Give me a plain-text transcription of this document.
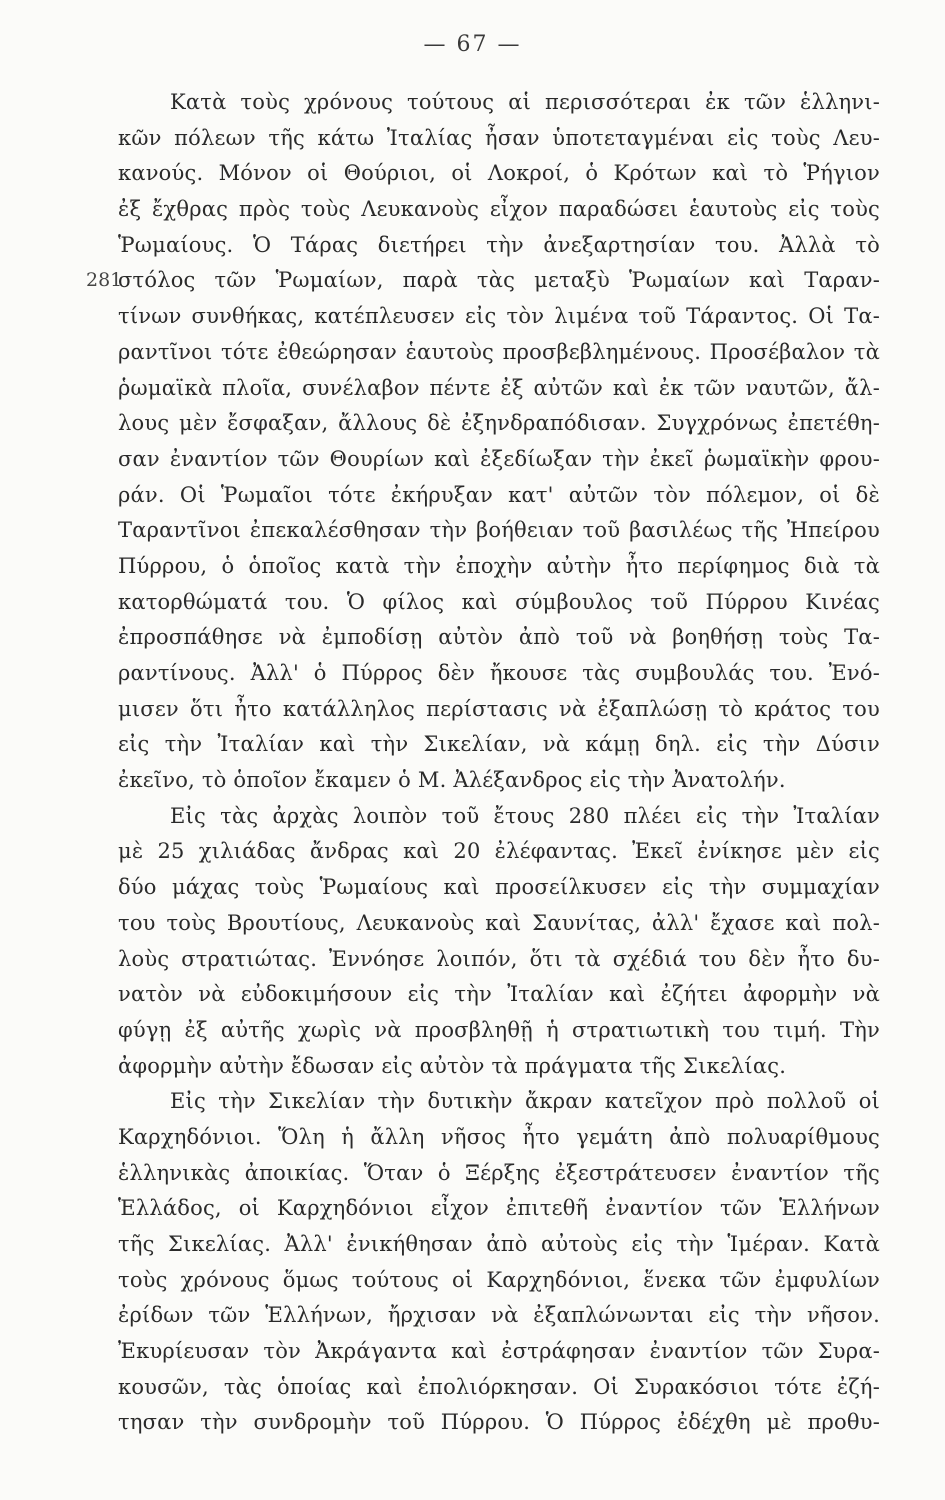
— 67 —
281
Κατὰ τοὺς χρόνους τούτους αἱ περισσότεραι ἐκ τῶν ἑλληνι-
κῶν πόλεων τῆς κάτω Ἰταλίας ἦσαν ὑποτεταγμέναι εἰς τοὺς Λευ-
κανούς. Μόνον οἱ Θούριοι, οἱ Λοκροί, ὁ Κρότων καὶ τὸ Ῥήγιον
ἐξ ἔχθρας πρὸς τοὺς Λευκανοὺς εἶχον παραδώσει ἑαυτοὺς εἰς τοὺς
Ῥωμαίους. Ὁ Τάρας διετήρει τὴν ἀνεξαρτησίαν του. Ἀλλὰ τὸ
στόλος τῶν Ῥωμαίων, παρὰ τὰς μεταξὺ Ῥωμαίων καὶ Ταραν-
τίνων συνθήκας, κατέπλευσεν εἰς τὸν λιμένα τοῦ Τάραντος. Οἱ Τα-
ραντῖνοι τότε ἐθεώρησαν ἑαυτοὺς προσβεβλημένους. Προσέβαλον τὰ
ῥωμαϊκὰ πλοῖα, συνέλαβον πέντε ἐξ αὐτῶν καὶ ἐκ τῶν ναυτῶν, ἄλ-
λους μὲν ἔσφαξαν, ἄλλους δὲ ἐξηνδραπόδισαν. Συγχρόνως ἐπετέθη-
σαν ἐναντίον τῶν Θουρίων καὶ ἐξεδίωξαν τὴν ἐκεῖ ῥωμαϊκὴν φρου-
ράν. Οἱ Ῥωμαῖοι τότε ἐκήρυξαν κατ' αὐτῶν τὸν πόλεμον, οἱ δὲ
Ταραντῖνοι ἐπεκαλέσθησαν τὴν βοήθειαν τοῦ βασιλέως τῆς Ἠπείρου
Πύρρου, ὁ ὁποῖος κατὰ τὴν ἐποχὴν αὐτὴν ἦτο περίφημος διὰ τὰ
κατορθώματά του. Ὁ φίλος καὶ σύμβουλος τοῦ Πύρρου Κινέας
ἐπροσπάθησε νὰ ἐμποδίσῃ αὐτὸν ἀπὸ τοῦ νὰ βοηθήσῃ τοὺς Τα-
ραντίνους. Ἀλλ' ὁ Πύρρος δὲν ἤκουσε τὰς συμβουλάς του. Ἐνό-
μισεν ὅτι ἦτο κατάλληλος περίστασις νὰ ἐξαπλώσῃ τὸ κράτος του
εἰς τὴν Ἰταλίαν καὶ τὴν Σικελίαν, νὰ κάμῃ δηλ. εἰς τὴν Δύσιν
ἐκεῖνο, τὸ ὁποῖον ἔκαμεν ὁ Μ. Ἀλέξανδρος εἰς τὴν Ἀνατολήν.
Εἰς τὰς ἀρχὰς λοιπὸν τοῦ ἔτους 280 πλέει εἰς τὴν Ἰταλίαν
μὲ 25 χιλιάδας ἄνδρας καὶ 20 ἐλέφαντας. Ἐκεῖ ἐνίκησε μὲν εἰς
δύο μάχας τοὺς Ῥωμαίους καὶ προσείλκυσεν εἰς τὴν συμμαχίαν
του τοὺς Βρουτίους, Λευκανοὺς καὶ Σαυνίτας, ἀλλ' ἔχασε καὶ πολ-
λοὺς στρατιώτας. Ἐννόησε λοιπόν, ὅτι τὰ σχέδιά του δὲν ἦτο δυ-
νατὸν νὰ εὐδοκιμήσουν εἰς τὴν Ἰταλίαν καὶ ἐζήτει ἀφορμὴν νὰ
φύγῃ ἐξ αὐτῆς χωρὶς νὰ προσβληθῇ ἡ στρατιωτικὴ του τιμή. Τὴν
ἀφορμὴν αὐτὴν ἔδωσαν εἰς αὐτὸν τὰ πράγματα τῆς Σικελίας.
Εἰς τὴν Σικελίαν τὴν δυτικὴν ἄκραν κατεῖχον πρὸ πολλοῦ οἱ
Καρχηδόνιοι. Ὅλη ἡ ἄλλη νῆσος ἦτο γεμάτη ἀπὸ πολυαρίθμους
ἑλληνικὰς ἀποικίας. Ὅταν ὁ Ξέρξης ἐξεστράτευσεν ἐναντίον τῆς
Ἑλλάδος, οἱ Καρχηδόνιοι εἶχον ἐπιτεθῆ ἐναντίον τῶν Ἑλλήνων
τῆς Σικελίας. Ἀλλ' ἐνικήθησαν ἀπὸ αὐτοὺς εἰς τὴν Ἱμέραν. Κατὰ
τοὺς χρόνους ὅμως τούτους οἱ Καρχηδόνιοι, ἕνεκα τῶν ἐμφυλίων
ἐρίδων τῶν Ἑλλήνων, ἤρχισαν νὰ ἐξαπλώνωνται εἰς τὴν νῆσον.
Ἐκυρίευσαν τὸν Ἀκράγαντα καὶ ἐστράφησαν ἐναντίον τῶν Συρα-
κουσῶν, τὰς ὁποίας καὶ ἐπολιόρκησαν. Οἱ Συρακόσιοι τότε ἐζή-
τησαν τὴν συνδρομὴν τοῦ Πύρρου. Ὁ Πύρρος ἐδέχθη μὲ προθυ-
